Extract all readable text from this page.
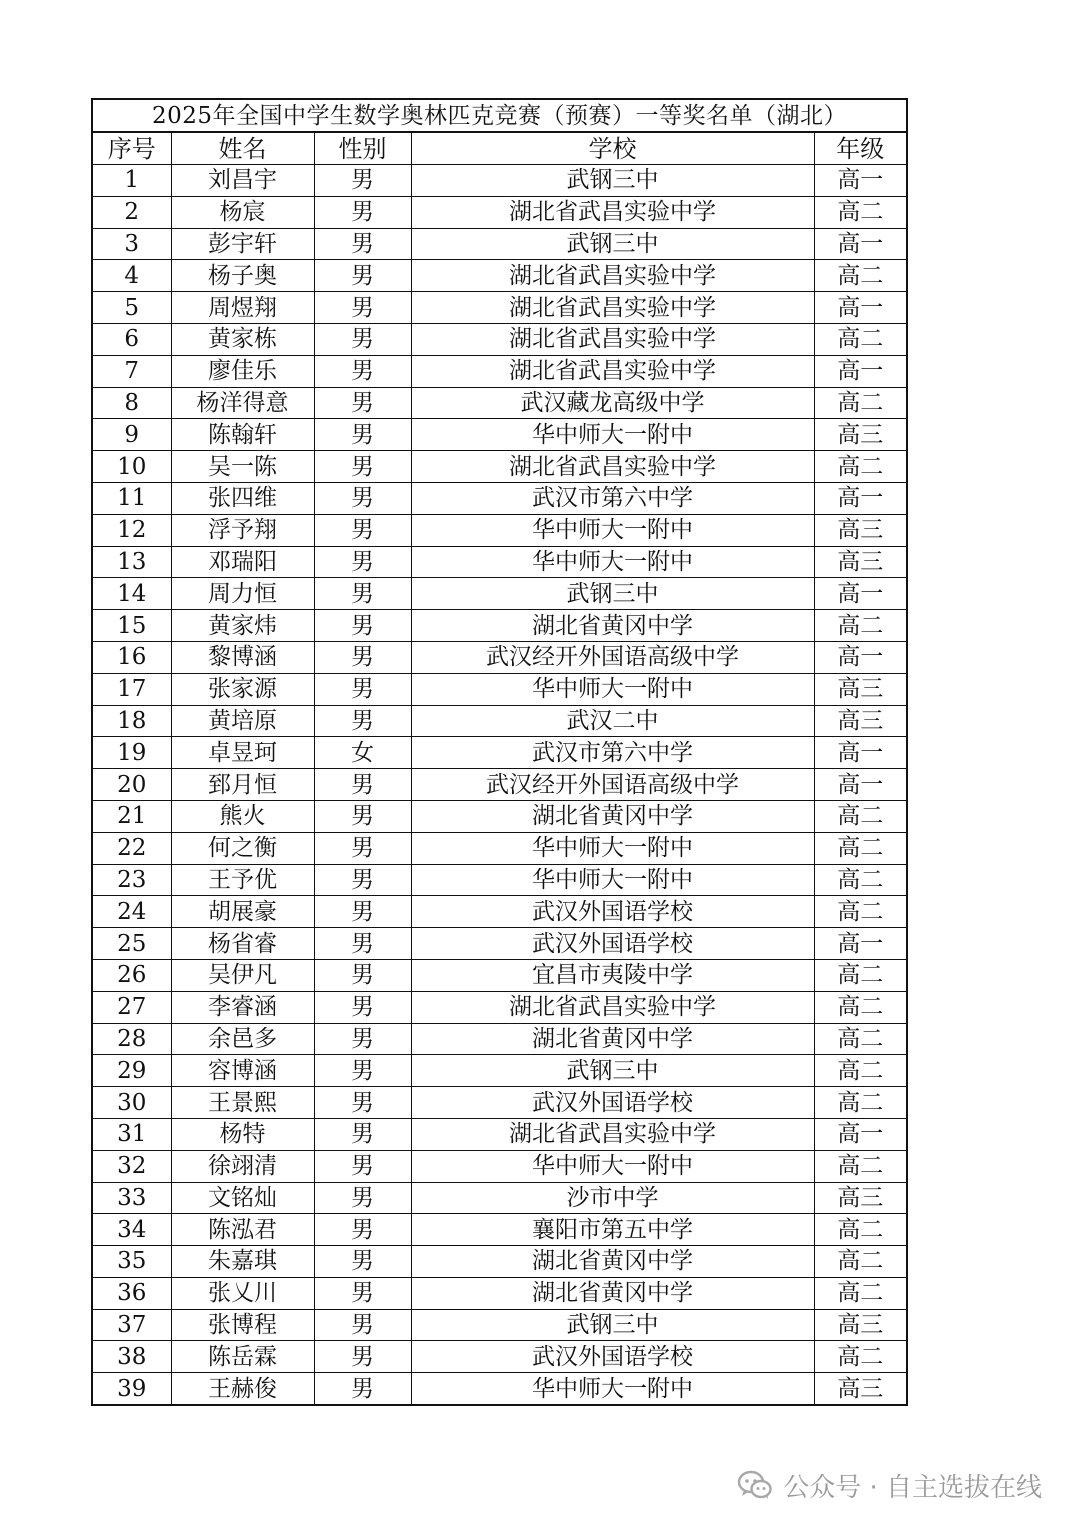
2025年全国中学生数学奥林匹克竞赛（预赛）一等奖名单（湖北）				
序号	姓名	性别	学校	年级
1	刘昌宇	男	武钢三中	高一
2	杨宸	男	湖北省武昌实验中学	高二
3	彭宇轩	男	武钢三中	高一
4	杨子奥	男	湖北省武昌实验中学	高二
5	周煜翔	男	湖北省武昌实验中学	高一
6	黄家栋	男	湖北省武昌实验中学	高二
7	廖佳乐	男	湖北省武昌实验中学	高一
8	杨洋得意	男	武汉藏龙高级中学	高二
9	陈翰轩	男	华中师大一附中	高三
10	吴一陈	男	湖北省武昌实验中学	高二
11	张四维	男	武汉市第六中学	高一
12	浮予翔	男	华中师大一附中	高三
13	邓瑞阳	男	华中师大一附中	高三
14	周力恒	男	武钢三中	高一
15	黄家炜	男	湖北省黄冈中学	高二
16	黎博涵	男	武汉经开外国语高级中学	高一
17	张家源	男	华中师大一附中	高三
18	黄培原	男	武汉二中	高三
19	卓昱珂	女	武汉市第六中学	高一
20	郅月恒	男	武汉经开外国语高级中学	高一
21	熊火	男	湖北省黄冈中学	高二
22	何之衡	男	华中师大一附中	高二
23	王予优	男	华中师大一附中	高二
24	胡展豪	男	武汉外国语学校	高二
25	杨省睿	男	武汉外国语学校	高一
26	吴伊凡	男	宜昌市夷陵中学	高二
27	李睿涵	男	湖北省武昌实验中学	高二
28	余邑多	男	湖北省黄冈中学	高二
29	容博涵	男	武钢三中	高二
30	王景熙	男	武汉外国语学校	高二
31	杨特	男	湖北省武昌实验中学	高一
32	徐翊清	男	华中师大一附中	高二
33	文铭灿	男	沙市中学	高三
34	陈泓君	男	襄阳市第五中学	高二
35	朱嘉琪	男	湖北省黄冈中学	高二
36	张乂川	男	湖北省黄冈中学	高二
37	张博程	男	武钢三中	高三
38	陈岳霖	男	武汉外国语学校	高二
39	王赫俊	男	华中师大一附中	高三
公众号 · 自主选拔在线
